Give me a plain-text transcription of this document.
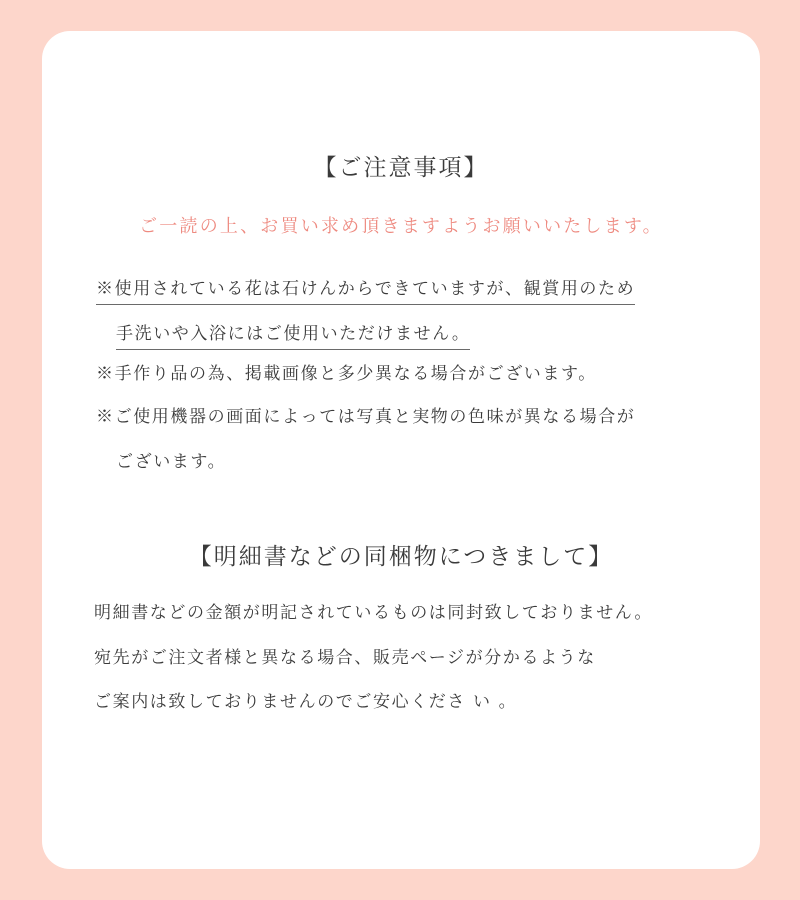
【ご注意事項】
ご一読の上、お買い求め頂きますようお願いいたします。
※使用されている花は石けんからできていますが、観賞用のため
手洗いや入浴にはご使用いただけません。
※手作り品の為、掲載画像と多少異なる場合がございます。
※ご使用機器の画面によっては写真と実物の色味が異なる場合が
ございます。
【明細書などの同梱物につきまして】
明細書などの金額が明記されているものは同封致しておりません。
宛先がご注文者様と異なる場合、販売ページが分かるような
ご案内は致しておりませんのでご安心くださ い 。
